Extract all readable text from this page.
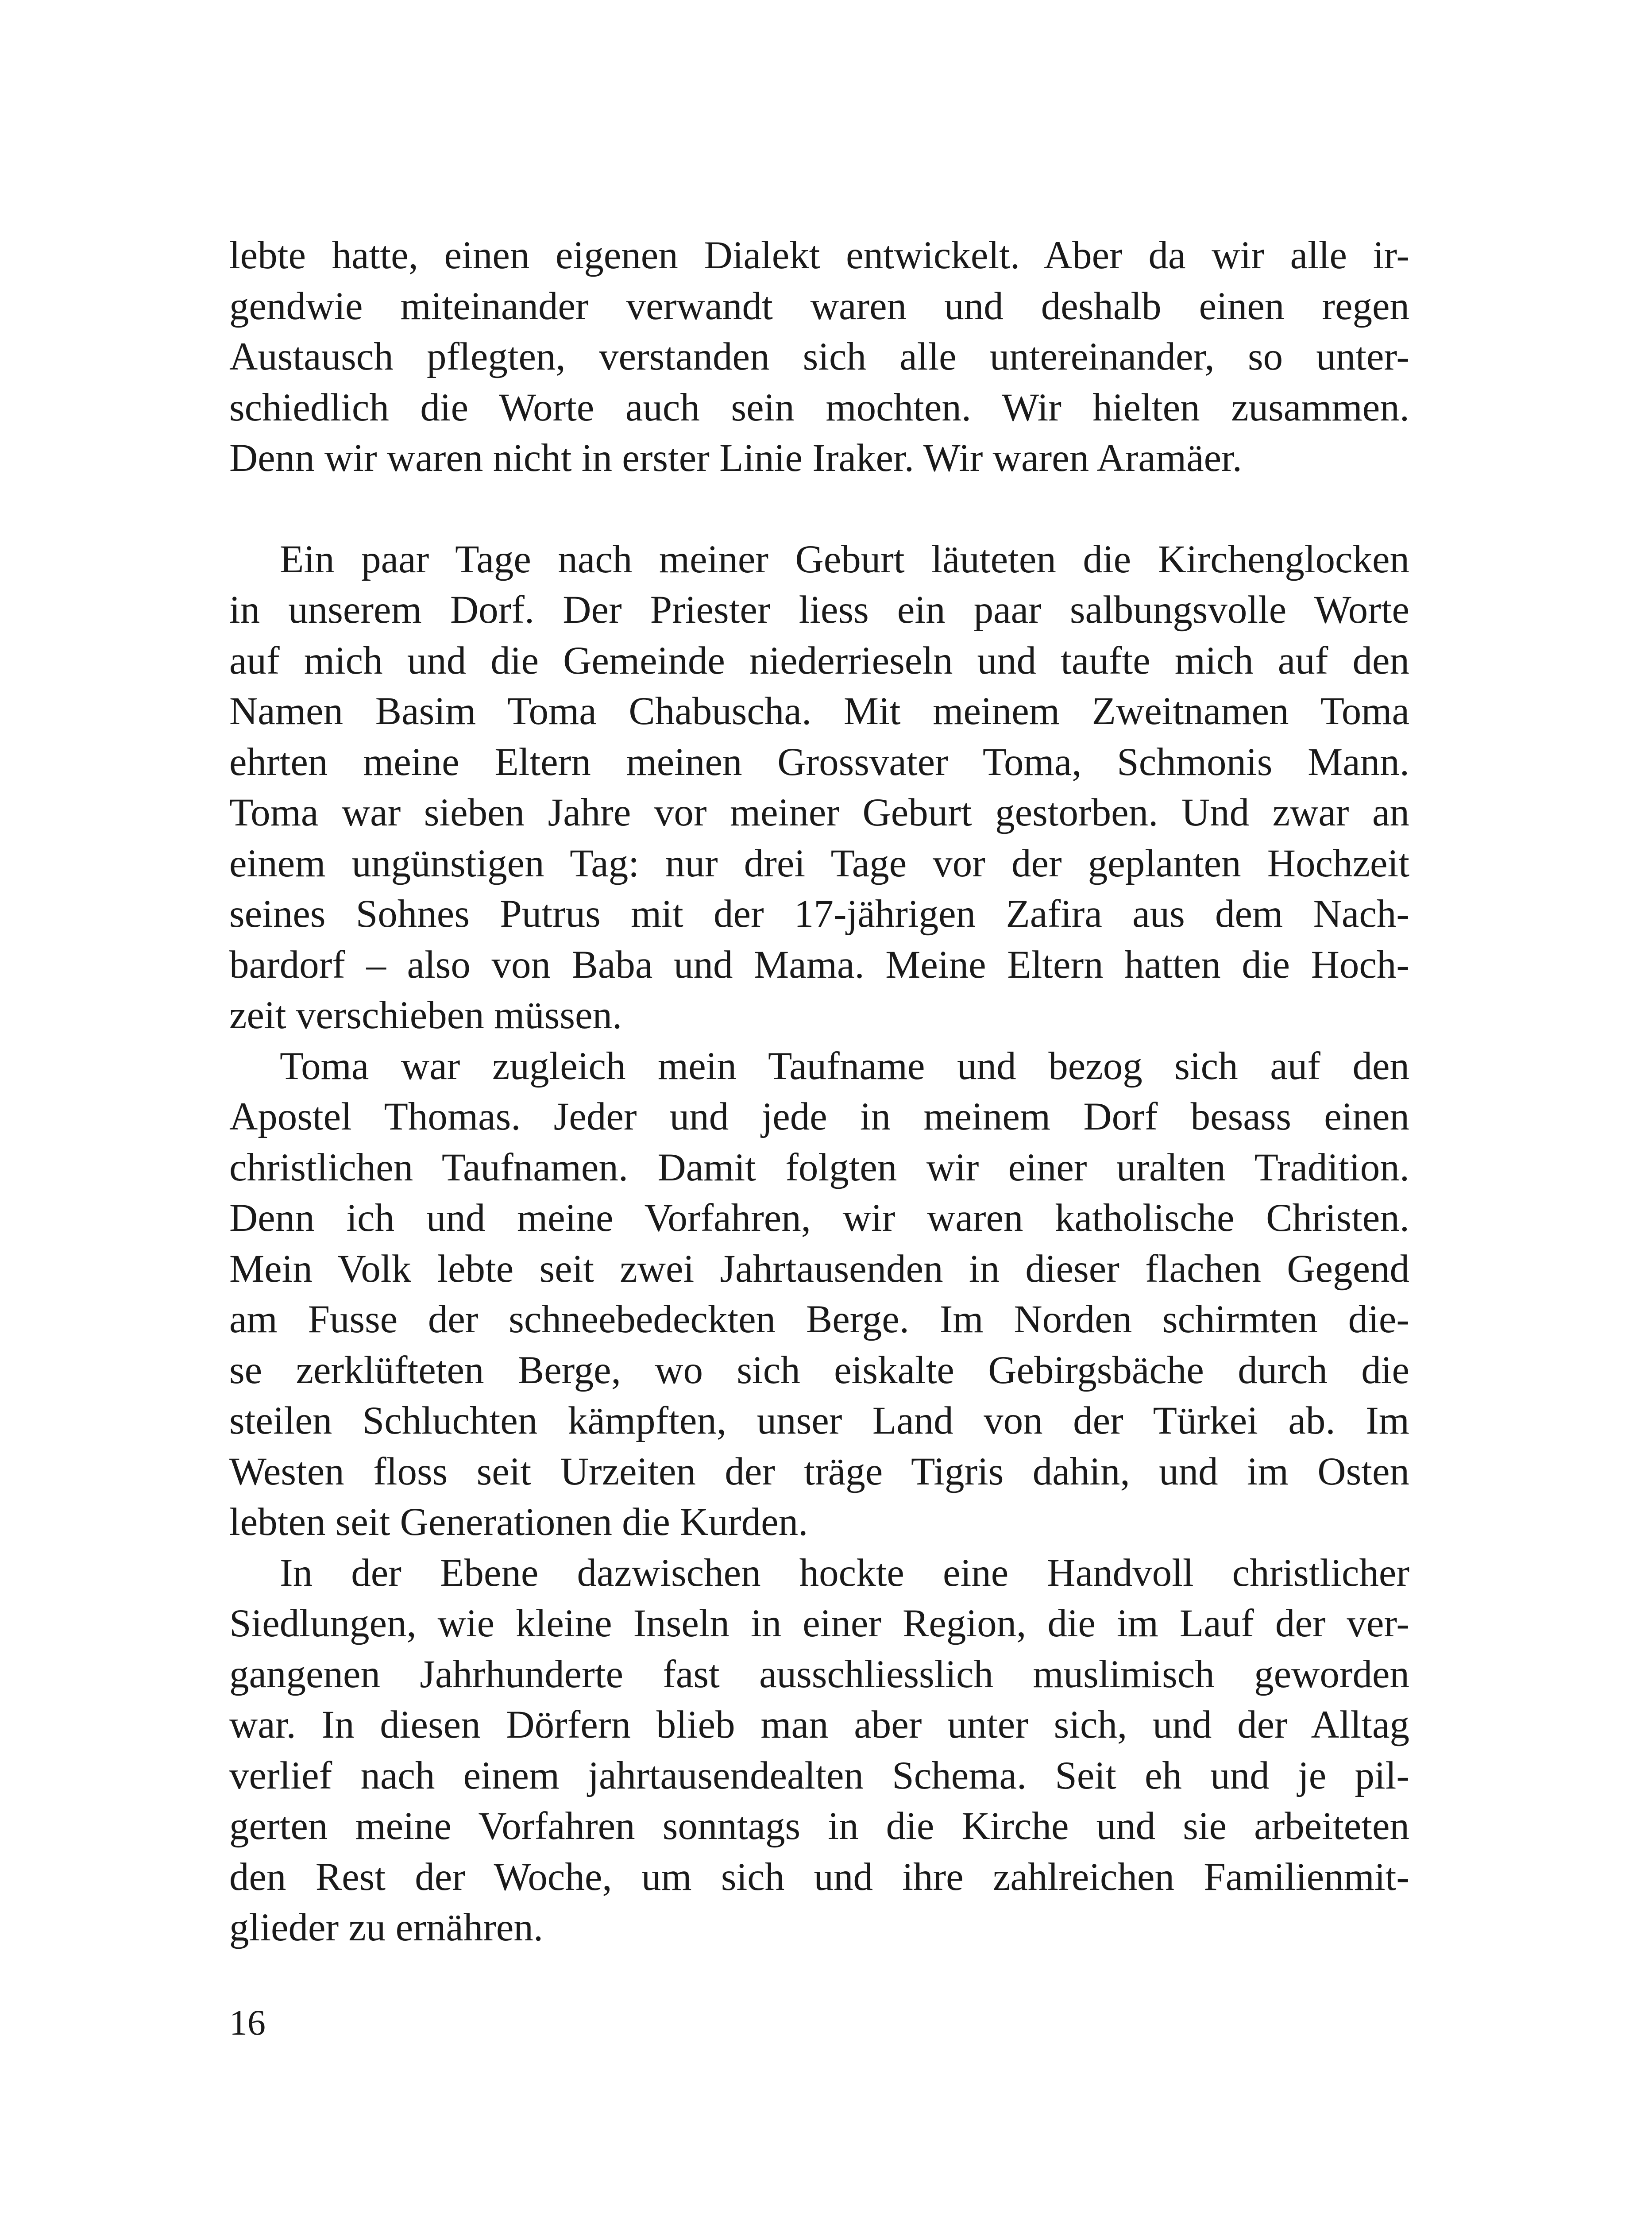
lebte hatte, einen eigenen Dialekt entwickelt. Aber da wir alle ir-
gendwie miteinander verwandt waren und deshalb einen regen
Austausch pflegten, verstanden sich alle untereinander, so unter-
schiedlich die Worte auch sein mochten. Wir hielten zusammen.
Denn wir waren nicht in erster Linie Iraker. Wir waren Aramäer.

Ein paar Tage nach meiner Geburt läuteten die Kirchenglocken
in unserem Dorf. Der Priester liess ein paar salbungsvolle Worte
auf mich und die Gemeinde niederrieseln und taufte mich auf den
Namen Basim Toma Chabuscha. Mit meinem Zweitnamen Toma
ehrten meine Eltern meinen Grossvater Toma, Schmonis Mann.
Toma war sieben Jahre vor meiner Geburt gestorben. Und zwar an
einem ungünstigen Tag: nur drei Tage vor der geplanten Hochzeit
seines Sohnes Putrus mit der 17-jährigen Zafira aus dem Nach-
bardorf – also von Baba und Mama. Meine Eltern hatten die Hoch-
zeit verschieben müssen.

Toma war zugleich mein Taufname und bezog sich auf den
Apostel Thomas. Jeder und jede in meinem Dorf besass einen
christlichen Taufnamen. Damit folgten wir einer uralten Tradition.
Denn ich und meine Vorfahren, wir waren katholische Christen.
Mein Volk lebte seit zwei Jahrtausenden in dieser flachen Gegend
am Fusse der schneebedeckten Berge. Im Norden schirmten die-
se zerklüfteten Berge, wo sich eiskalte Gebirgsbäche durch die
steilen Schluchten kämpften, unser Land von der Türkei ab. Im
Westen floss seit Urzeiten der träge Tigris dahin, und im Osten
lebten seit Generationen die Kurden.

In der Ebene dazwischen hockte eine Handvoll christlicher
Siedlungen, wie kleine Inseln in einer Region, die im Lauf der ver-
gangenen Jahrhunderte fast ausschliesslich muslimisch geworden
war. In diesen Dörfern blieb man aber unter sich, und der Alltag
verlief nach einem jahrtausendealten Schema. Seit eh und je pil-
gerten meine Vorfahren sonntags in die Kirche und sie arbeiteten
den Rest der Woche, um sich und ihre zahlreichen Familienmit-
glieder zu ernähren.

16
